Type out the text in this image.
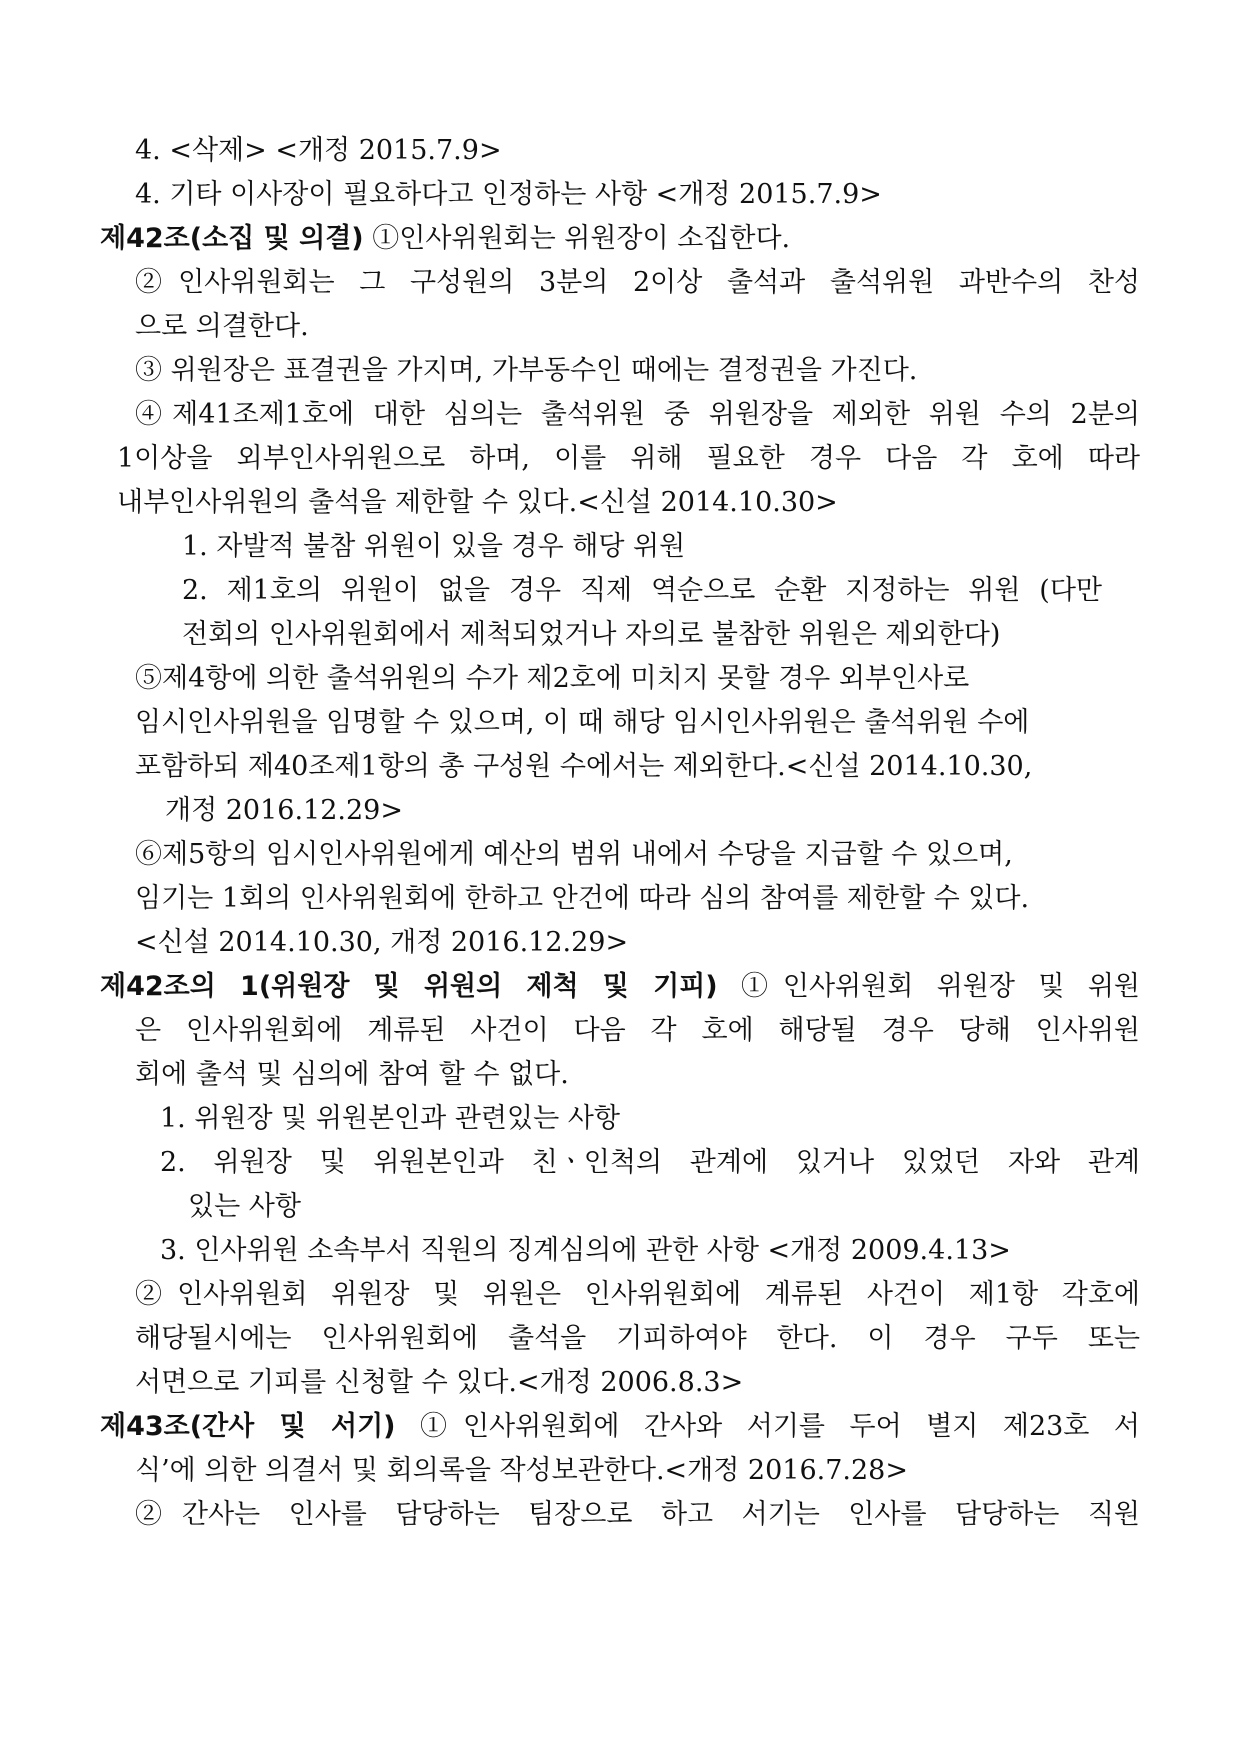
4. <삭제> <개정 2015.7.9>
4. 기타 이사장이 필요하다고 인정하는 사항 <개정 2015.7.9>
제42조(소집 및 의결) ①인사위원회는 위원장이 소집한다.
②인사위원회는 그 구성원의 3분의 2이상 출석과 출석위원 과반수의 찬성
으로 의결한다.
③ 위원장은 표결권을 가지며, 가부동수인 때에는 결정권을 가진다.
④제41조제1호에 대한 심의는 출석위원 중 위원장을 제외한 위원 수의 2분의
1이상을 외부인사위원으로 하며, 이를 위해 필요한 경우 다음 각 호에 따라
내부인사위원의 출석을 제한할 수 있다.<신설 2014.10.30>
1. 자발적 불참 위원이 있을 경우 해당 위원
2. 제1호의 위원이 없을 경우 직제 역순으로 순환 지정하는 위원 (다만
전회의 인사위원회에서 제척되었거나 자의로 불참한 위원은 제외한다)
⑤제4항에 의한 출석위원의 수가 제2호에 미치지 못할 경우 외부인사로
임시인사위원을 임명할 수 있으며, 이 때 해당 임시인사위원은 출석위원 수에
포함하되 제40조제1항의 총 구성원 수에서는 제외한다.<신설 2014.10.30,
개정 2016.12.29>
⑥제5항의 임시인사위원에게 예산의 범위 내에서 수당을 지급할 수 있으며,
임기는 1회의 인사위원회에 한하고 안건에 따라 심의 참여를 제한할 수 있다.
<신설 2014.10.30, 개정 2016.12.29>
제42조의 1(위원장 및 위원의 제척 및 기피) ①인사위원회 위원장 및 위원
은 인사위원회에 계류된 사건이 다음 각 호에 해당될 경우 당해 인사위원
회에 출석 및 심의에 참여 할 수 없다.
1. 위원장 및 위원본인과 관련있는 사항
2. 위원장 및 위원본인과 친ㆍ인척의 관계에 있거나 있었던 자와 관계
있는 사항
3. 인사위원 소속부서 직원의 징계심의에 관한 사항 <개정 2009.4.13>
②인사위원회 위원장 및 위원은 인사위원회에 계류된 사건이 제1항 각호에
해당될시에는 인사위원회에 출석을 기피하여야 한다. 이 경우 구두 또는
서면으로 기피를 신청할 수 있다.<개정 2006.8.3>
제43조(간사 및 서기) ①인사위원회에 간사와 서기를 두어 별지 제23호 서
식’에 의한 의결서 및 회의록을 작성보관한다.<개정 2016.7.28>
②간사는 인사를 담당하는 팀장으로 하고 서기는 인사를 담당하는 직원
